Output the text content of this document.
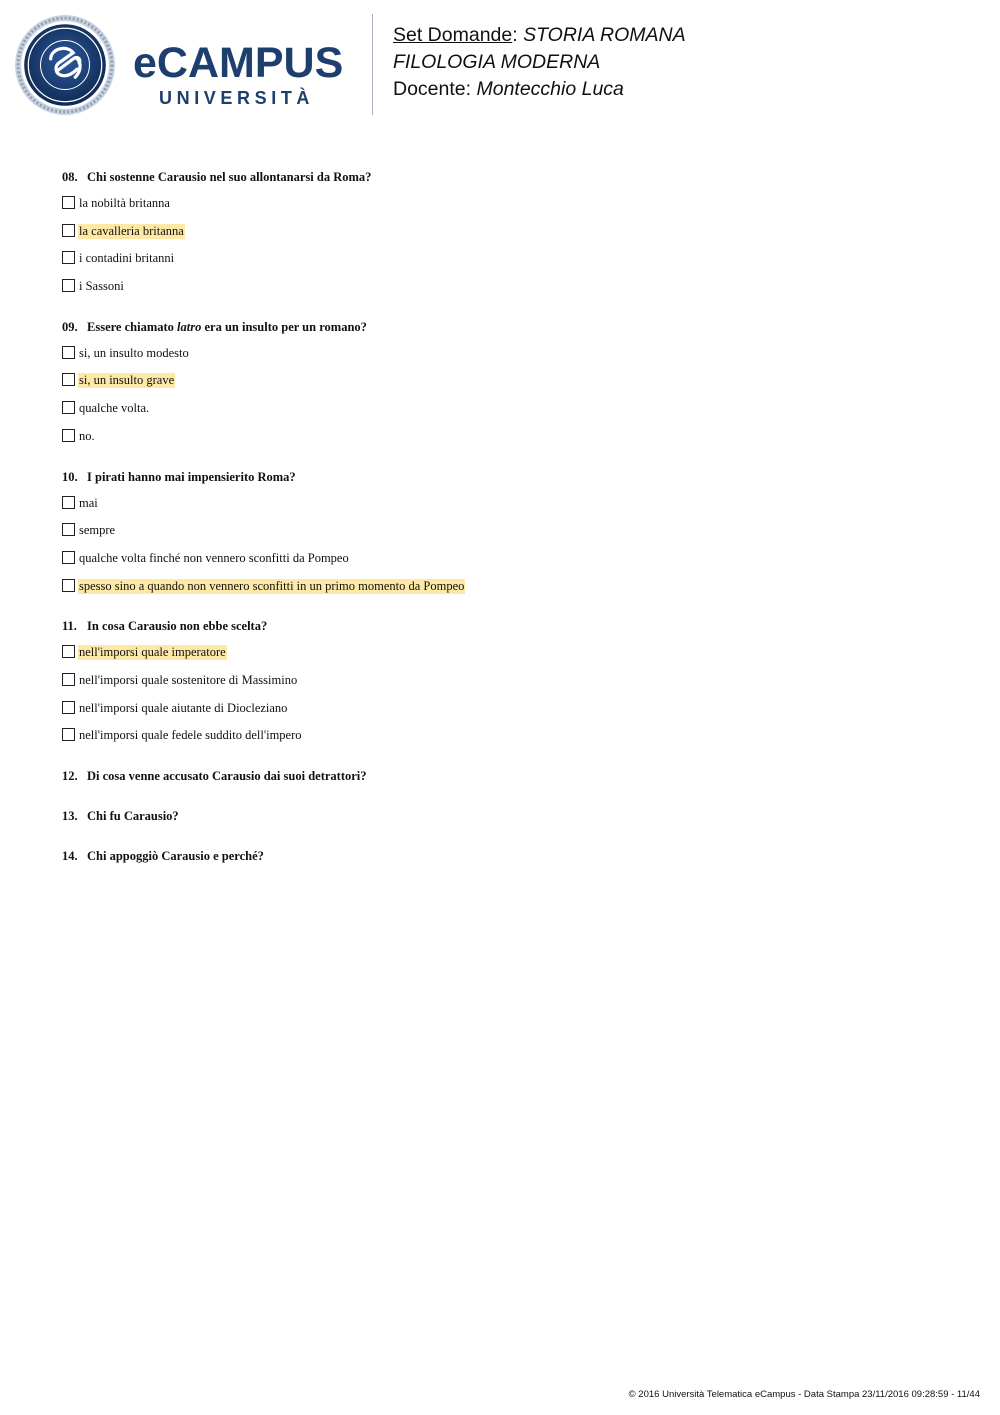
eCAMPUS
UNIVERSITÀ
Set Domande: STORIA ROMANA
FILOLOGIA MODERNA
Docente: Montecchio Luca
08. Chi sostenne Carausio nel suo allontanarsi da Roma?
la nobiltà britanna
la cavalleria britanna
i contadini britanni
i Sassoni
09. Essere chiamato latro era un insulto per un romano?
si, un insulto modesto
si, un insulto grave
qualche volta.
no.
10. I pirati hanno mai impensierito Roma?
mai
sempre
qualche volta finché non vennero sconfitti da Pompeo
spesso sino a quando non vennero sconfitti in un primo momento da Pompeo
11. In cosa Carausio non ebbe scelta?
nell'imporsi quale imperatore
nell'imporsi quale sostenitore di Massimino
nell'imporsi quale aiutante di Diocleziano
nell'imporsi quale fedele suddito dell'impero
12. Di cosa venne accusato Carausio dai suoi detrattori?
13. Chi fu Carausio?
14. Chi appoggiò Carausio e perché?
© 2016 Università Telematica eCampus - Data Stampa 23/11/2016 09:28:59 - 11/44
